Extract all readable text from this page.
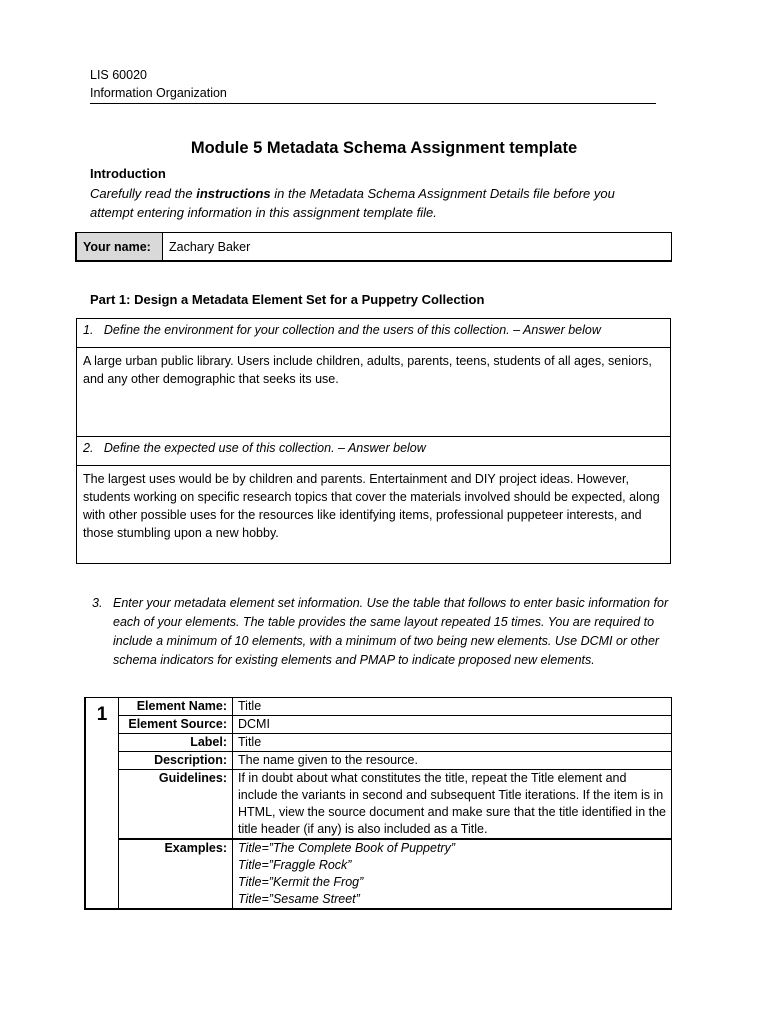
LIS 60020
Information Organization
Module 5 Metadata Schema Assignment template
Introduction
Carefully read the instructions in the Metadata Schema Assignment Details file before you attempt entering information in this assignment template file.
Your name:	Zachary Baker
Part 1: Design a Metadata Element Set for a Puppetry Collection
1.   Define the environment for your collection and the users of this collection. – Answer below
A large urban public library. Users include children, adults, parents, teens, students of all ages, seniors, and any other demographic that seeks its use.
2.   Define the expected use of this collection. – Answer below
The largest uses would be by children and parents. Entertainment and DIY project ideas. However, students working on specific research topics that cover the materials involved should be expected, along with other possible uses for the resources like identifying items, professional puppeteer interests, and those stumbling upon a new hobby.
3. Enter your metadata element set information. Use the table that follows to enter basic information for each of your elements. The table provides the same layout repeated 15 times. You are required to include a minimum of 10 elements, with a minimum of two being new elements. Use DCMI or other schema indicators for existing elements and PMAP to indicate proposed new elements.
1	Element Name:	Title
	Element Source:	DCMI
	Label:	Title
	Description:	The name given to the resource.
	Guidelines:	If in doubt about what constitutes the title, repeat the Title element and include the variants in second and subsequent Title iterations. If the item is in HTML, view the source document and make sure that the title identified in the title header (if any) is also included as a Title.
	Examples:	Title=”The Complete Book of Puppetry”
Title=”Fraggle Rock”
Title=”Kermit the Frog”
Title=”Sesame Street”
